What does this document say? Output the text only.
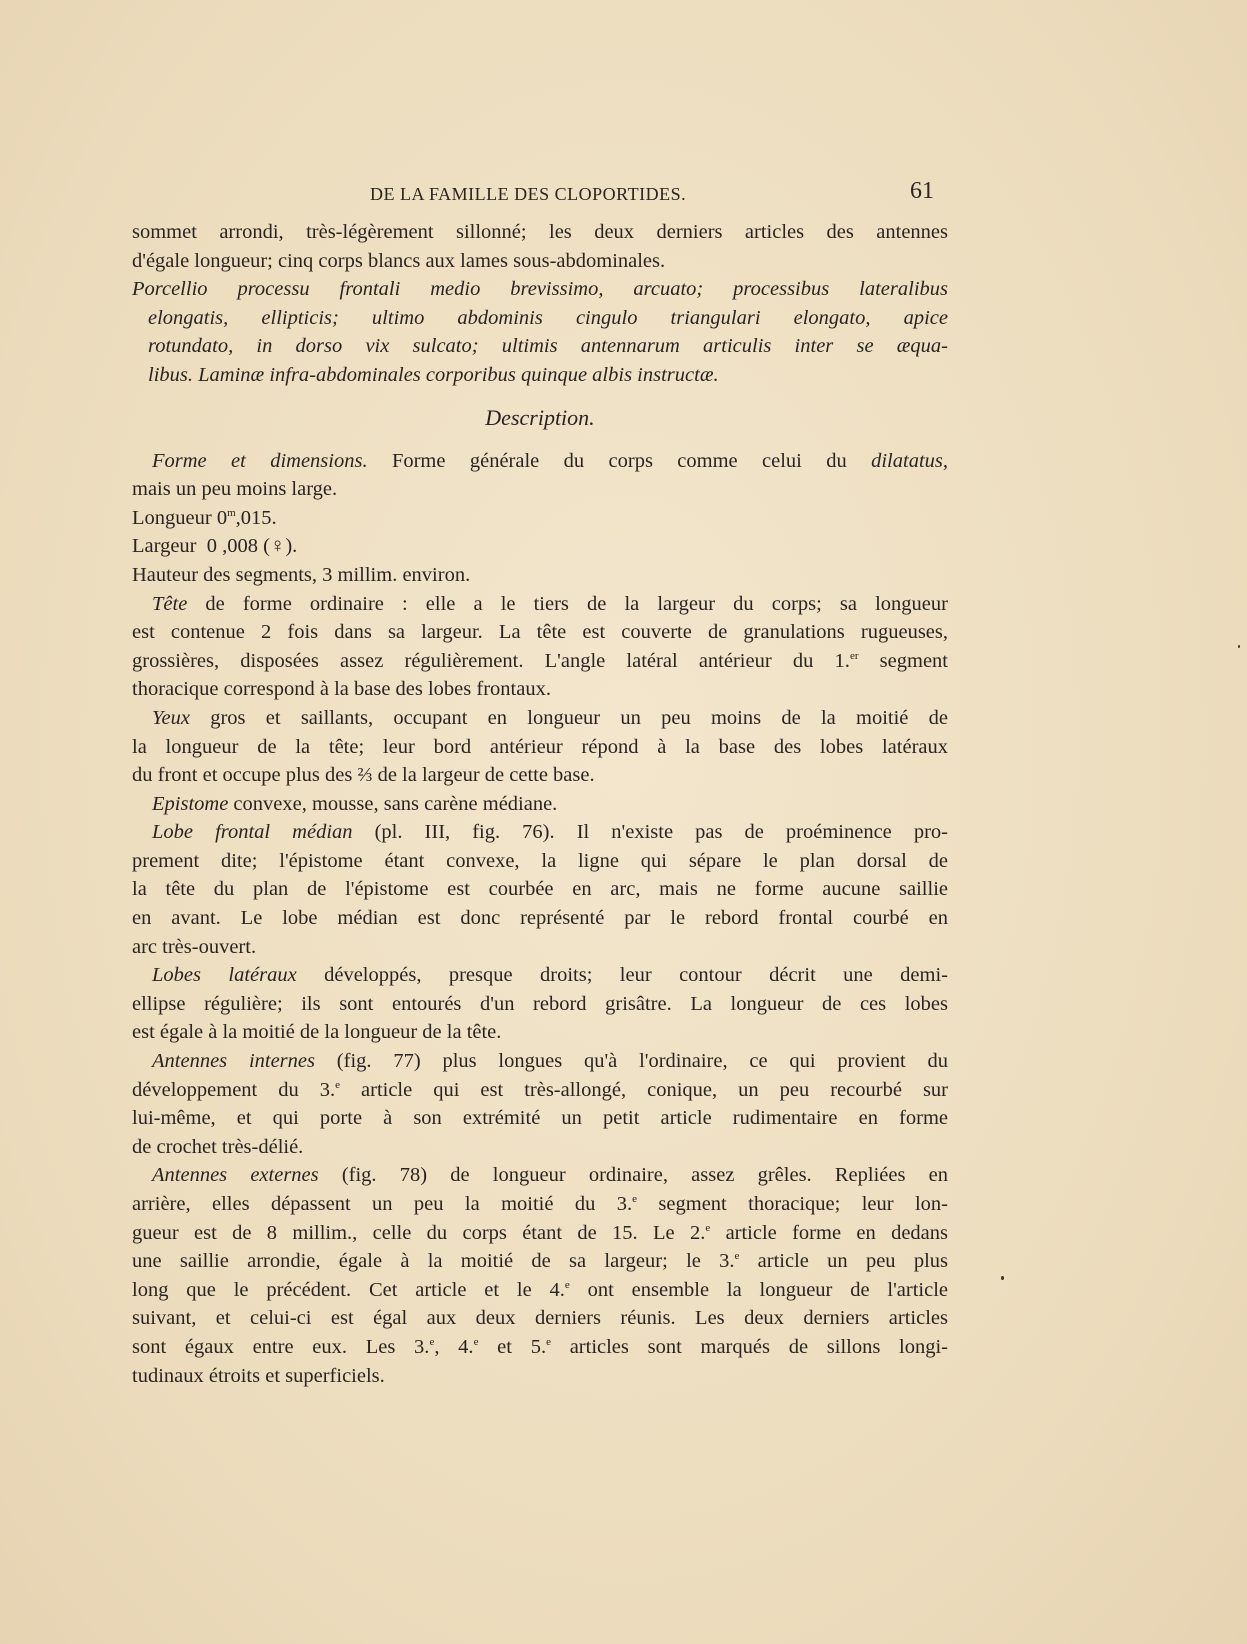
DE LA FAMILLE DES CLOPORTIDES.	61
sommet arrondi, très-légèrement sillonné; les deux derniers articles des antennes
d'égale longueur; cinq corps blancs aux lames sous-abdominales.
Porcellio processu frontali medio brevissimo, arcuato; processibus lateralibus
elongatis, ellipticis; ultimo abdominis cingulo triangulari elongato, apice
rotundato, in dorso vix sulcato; ultimis antennarum articulis inter se æqua-
libus. Laminæ infra-abdominales corporibus quinque albis instructæ.
Description.
Forme et dimensions. Forme générale du corps comme celui du dilatatus,
mais un peu moins large.
Longueur 0$^m$,015.
Largeur  0 ,008 (♀).
Hauteur des segments, 3 millim. environ.
Tête de forme ordinaire : elle a le tiers de la largeur du corps; sa longueur
est contenue 2 fois dans sa largeur. La tête est couverte de granulations rugueuses,
grossières, disposées assez régulièrement. L'angle latéral antérieur du 1.$^{er}$ segment
thoracique correspond à la base des lobes frontaux.
Yeux gros et saillants, occupant en longueur un peu moins de la moitié de
la longueur de la tête; leur bord antérieur répond à la base des lobes latéraux
du front et occupe plus des ⅔ de la largeur de cette base.
Epistome convexe, mousse, sans carène médiane.
Lobe frontal médian (pl. III, fig. 76). Il n'existe pas de proéminence pro-
prement dite; l'épistome étant convexe, la ligne qui sépare le plan dorsal de
la tête du plan de l'épistome est courbée en arc, mais ne forme aucune saillie
en avant. Le lobe médian est donc représenté par le rebord frontal courbé en
arc très-ouvert.
Lobes latéraux développés, presque droits; leur contour décrit une demi-
ellipse régulière; ils sont entourés d'un rebord grisâtre. La longueur de ces lobes
est égale à la moitié de la longueur de la tête.
Antennes internes (fig. 77) plus longues qu'à l'ordinaire, ce qui provient du
développement du 3.$^e$ article qui est très-allongé, conique, un peu recourbé sur
lui-même, et qui porte à son extrémité un petit article rudimentaire en forme
de crochet très-délié.
Antennes externes (fig. 78) de longueur ordinaire, assez grêles. Repliées en
arrière, elles dépassent un peu la moitié du 3.$^e$ segment thoracique; leur lon-
gueur est de 8 millim., celle du corps étant de 15. Le 2.$^e$ article forme en dedans
une saillie arrondie, égale à la moitié de sa largeur; le 3.$^e$ article un peu plus
long que le précédent. Cet article et le 4.$^e$ ont ensemble la longueur de l'article
suivant, et celui-ci est égal aux deux derniers réunis. Les deux derniers articles
sont égaux entre eux. Les 3.$^e$, 4.$^e$ et 5.$^e$ articles sont marqués de sillons longi-
tudinaux étroits et superficiels.
